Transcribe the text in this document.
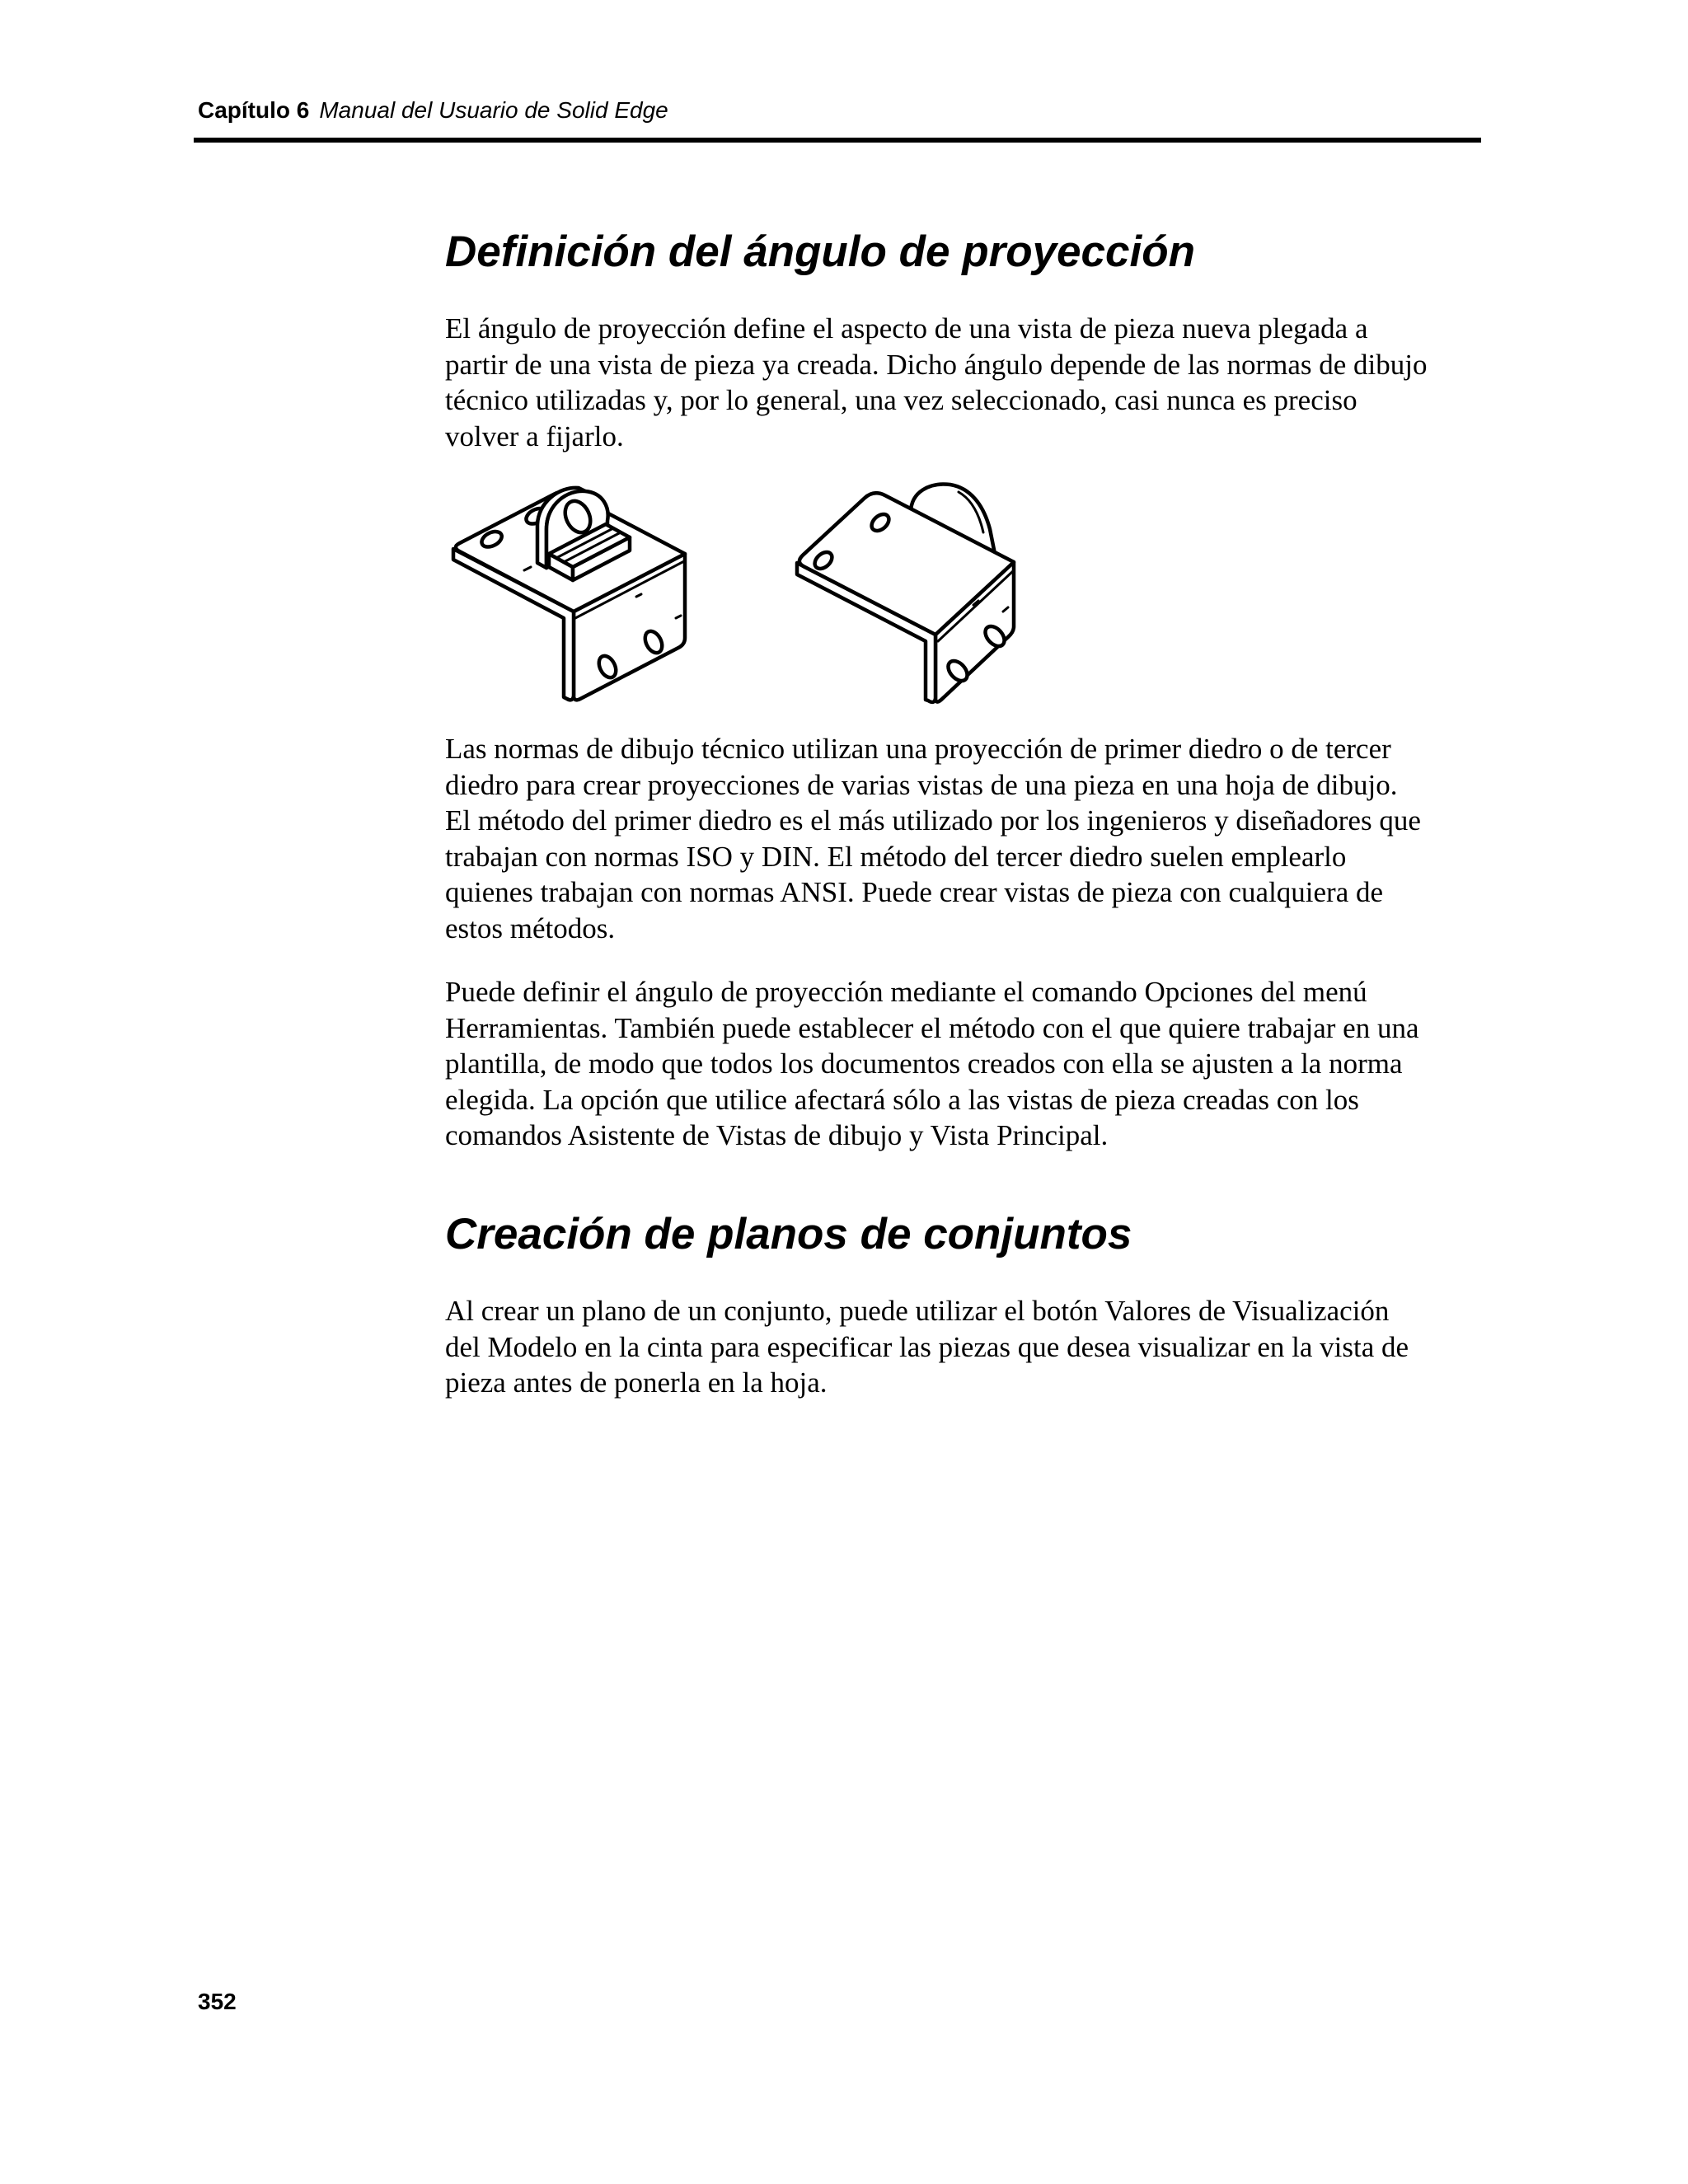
Capítulo 6 Manual del Usuario de Solid Edge
Definición del ángulo de proyección
El ángulo de proyección define el aspecto de una vista de pieza nueva plegada a
partir de una vista de pieza ya creada. Dicho ángulo depende de las normas de dibujo
técnico utilizadas y, por lo general, una vez seleccionado, casi nunca es preciso
volver a fijarlo.
Las normas de dibujo técnico utilizan una proyección de primer diedro o de tercer
diedro para crear proyecciones de varias vistas de una pieza en una hoja de dibujo.
El método del primer diedro es el más utilizado por los ingenieros y diseñadores que
trabajan con normas ISO y DIN. El método del tercer diedro suelen emplearlo
quienes trabajan con normas ANSI. Puede crear vistas de pieza con cualquiera de
estos métodos.
Puede definir el ángulo de proyección mediante el comando Opciones del menú
Herramientas. También puede establecer el método con el que quiere trabajar en una
plantilla, de modo que todos los documentos creados con ella se ajusten a la norma
elegida. La opción que utilice afectará sólo a las vistas de pieza creadas con los
comandos Asistente de Vistas de dibujo y Vista Principal.
Creación de planos de conjuntos
Al crear un plano de un conjunto, puede utilizar el botón Valores de Visualización
del Modelo en la cinta para especificar las piezas que desea visualizar en la vista de
pieza antes de ponerla en la hoja.
352
